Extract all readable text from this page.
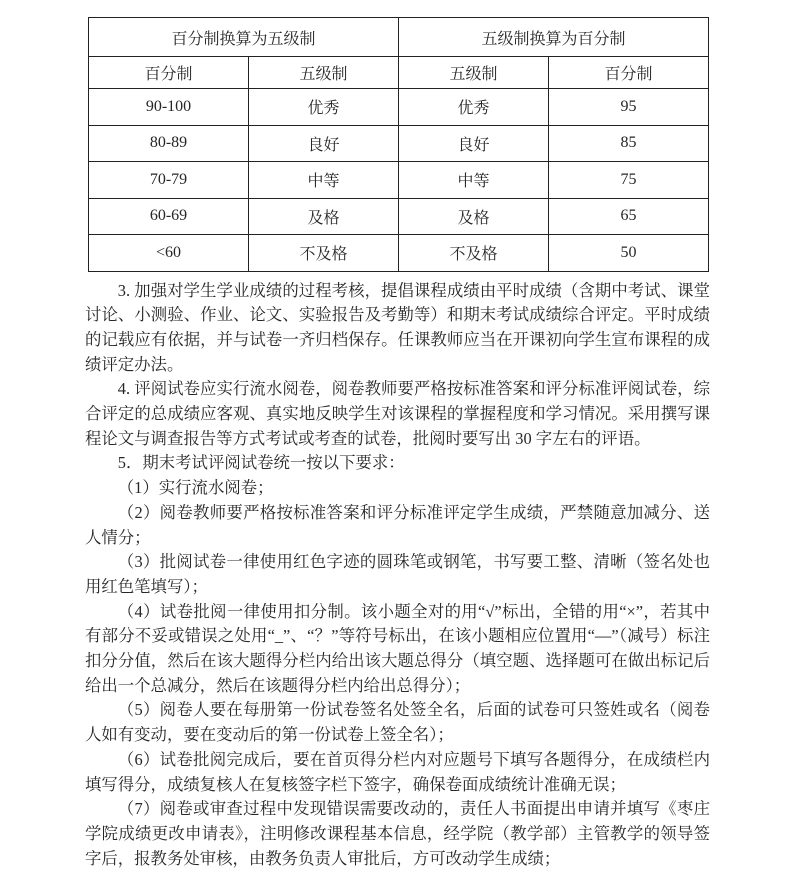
百分制换算为五级制		五级制换算为百分制	
百分制	五级制	五级制	百分制
90-100	优秀	优秀	95
80-89	良好	良好	85
70-79	中等	中等	75
60-69	及格	及格	65
<60	不及格	不及格	50

3. 加强对学生学业成绩的过程考核，提倡课程成绩由平时成绩（含期中考试、课堂讨论、小测验、作业、论文、实验报告及考勤等）和期末考试成绩综合评定。平时成绩的记载应有依据，并与试卷一齐归档保存。任课教师应当在开课初向学生宣布课程的成绩评定办法。

4. 评阅试卷应实行流水阅卷，阅卷教师要严格按标准答案和评分标准评阅试卷，综合评定的总成绩应客观、真实地反映学生对该课程的掌握程度和学习情况。采用撰写课程论文与调查报告等方式考试或考查的试卷，批阅时要写出 30 字左右的评语。

5．期末考试评阅试卷统一按以下要求：

（1）实行流水阅卷；

（2）阅卷教师要严格按标准答案和评分标准评定学生成绩，严禁随意加减分、送人情分；

（3）批阅试卷一律使用红色字迹的圆珠笔或钢笔，书写要工整、清晰（签名处也用红色笔填写）；

（4）试卷批阅一律使用扣分制。该小题全对的用“√”标出，全错的用“×”，若其中有部分不妥或错误之处用“_”、“？”等符号标出，在该小题相应位置用“—”（减号）标注扣分分值，然后在该大题得分栏内给出该大题总得分（填空题、选择题可在做出标记后给出一个总减分，然后在该题得分栏内给出总得分）；

（5）阅卷人要在每册第一份试卷签名处签全名，后面的试卷可只签姓或名（阅卷人如有变动，要在变动后的第一份试卷上签全名）；

（6）试卷批阅完成后，要在首页得分栏内对应题号下填写各题得分，在成绩栏内填写得分，成绩复核人在复核签字栏下签字，确保卷面成绩统计准确无误；

（7）阅卷或审查过程中发现错误需要改动的，责任人书面提出申请并填写《枣庄学院成绩更改申请表》，注明修改课程基本信息，经学院（教学部）主管教学的领导签字后，报教务处审核，由教务负责人审批后，方可改动学生成绩；
